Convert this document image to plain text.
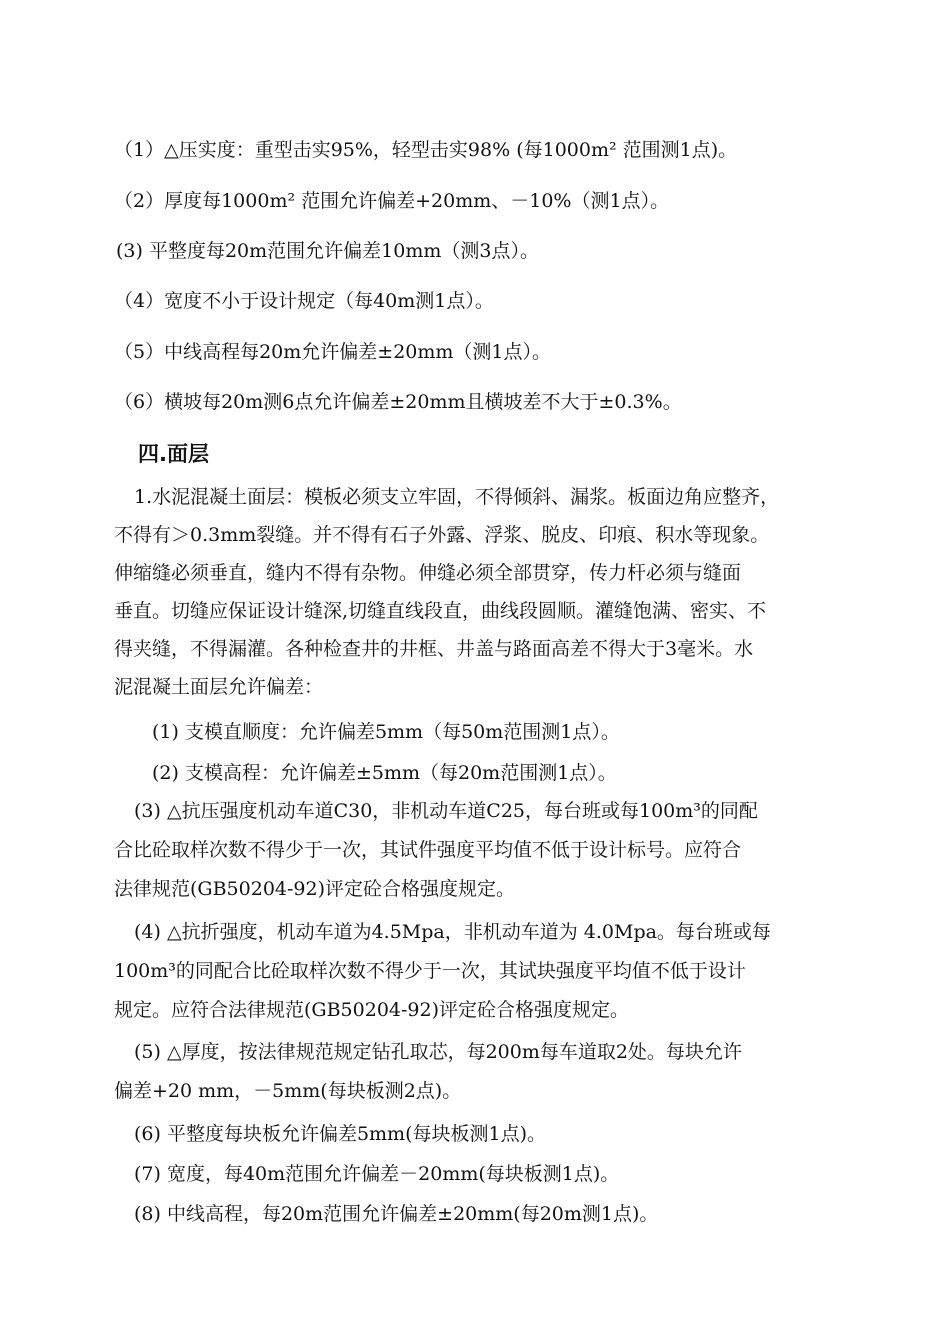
（1）△压实度：重型击实95%，轻型击实98% (每1000m² 范围测1点)。
（2）厚度每1000m² 范围允许偏差+20mm、－10%（测1点）。
(3) 平整度每20m范围允许偏差10mm（测3点）。
（4）宽度不小于设计规定（每40m测1点）。
（5）中线高程每20m允许偏差±20mm（测1点）。
（6）横坡每20m测6点允许偏差±20mm且横坡差不大于±0.3%。
四.面层
1.水泥混凝土面层：模板必须支立牢固，不得倾斜、漏浆。板面边角应整齐，
不得有＞0.3mm裂缝。并不得有石子外露、浮浆、脱皮、印痕、积水等现象。
伸缩缝必须垂直，缝内不得有杂物。伸缝必须全部贯穿，传力杆必须与缝面
垂直。切缝应保证设计缝深,切缝直线段直，曲线段圆顺。灌缝饱满、密实、不
得夹缝，不得漏灌。各种检查井的井框、井盖与路面高差不得大于3毫米。水
泥混凝土面层允许偏差：
(1) 支模直顺度：允许偏差5mm（每50m范围测1点）。
(2) 支模高程：允许偏差±5mm（每20m范围测1点）。
(3) △抗压强度机动车道C30，非机动车道C25，每台班或每100m³的同配
合比砼取样次数不得少于一次，其试件强度平均值不低于设计标号。应符合
法律规范(GB50204-92)评定砼合格强度规定。
(4) △抗折强度，机动车道为4.5Mpa，非机动车道为 4.0Mpa。每台班或每
100m³的同配合比砼取样次数不得少于一次，其试块强度平均值不低于设计
规定。应符合法律规范(GB50204-92)评定砼合格强度规定。
(5) △厚度，按法律规范规定钻孔取芯，每200m每车道取2处。每块允许
偏差+20 mm，－5mm(每块板测2点)。
(6) 平整度每块板允许偏差5mm(每块板测1点)。
(7) 宽度，每40m范围允许偏差－20mm(每块板测1点)。
(8) 中线高程，每20m范围允许偏差±20mm(每20m测1点)。
